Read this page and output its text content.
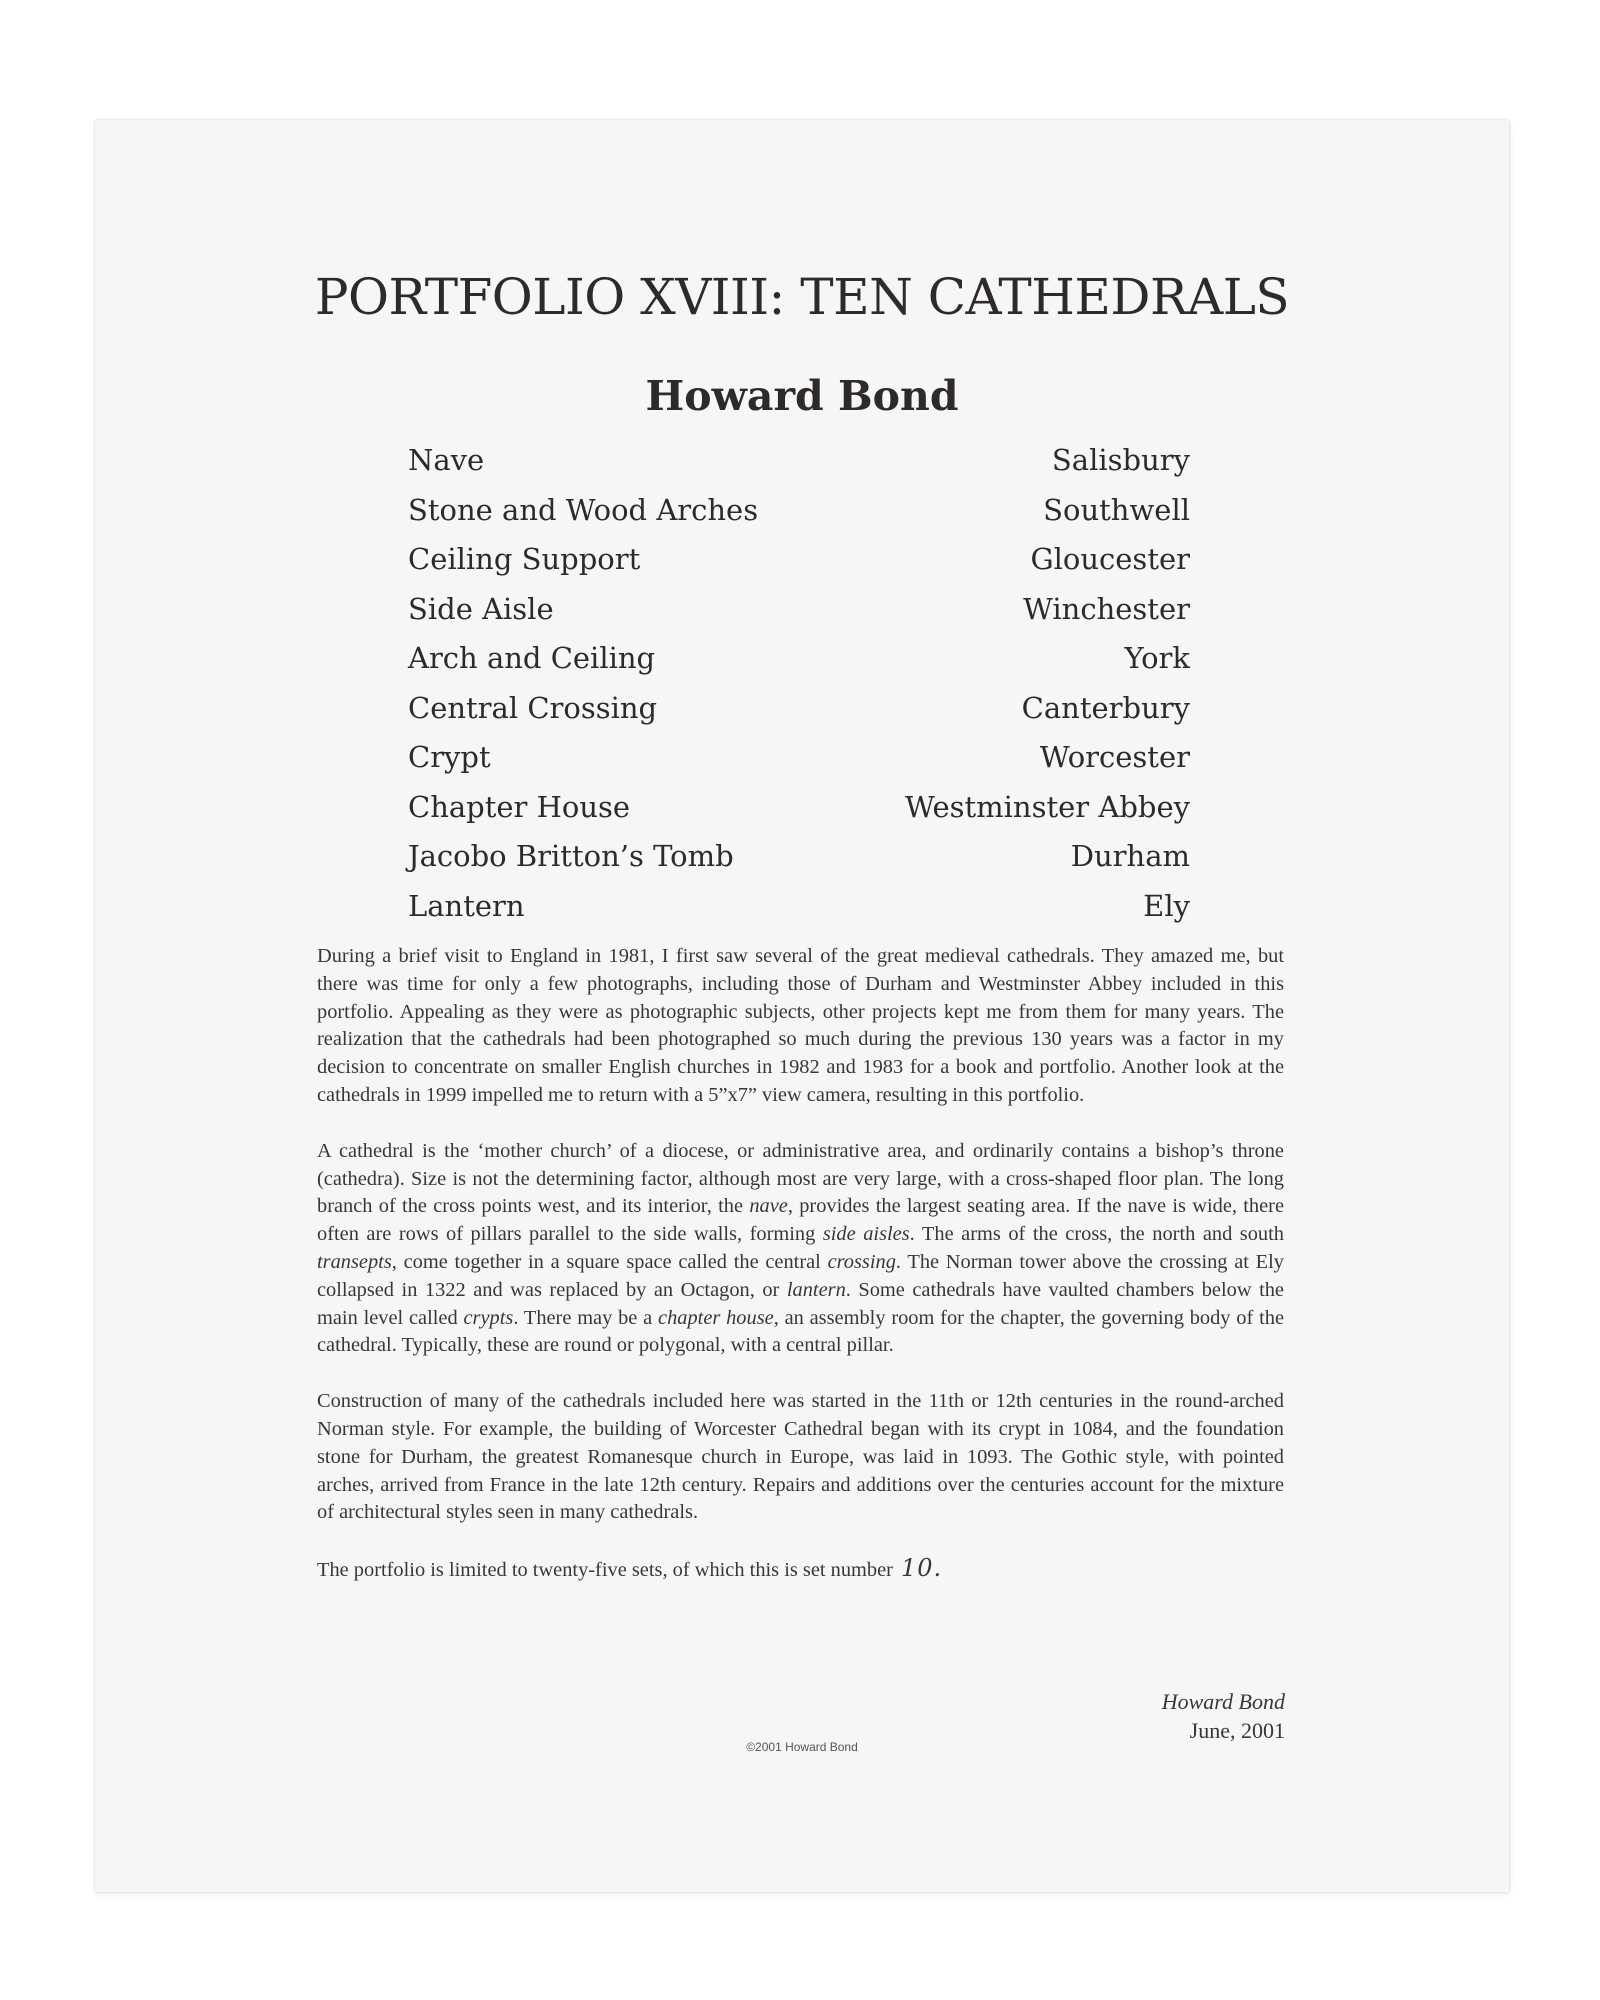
PORTFOLIO XVIII: TEN CATHEDRALS
Howard Bond
Nave	Salisbury
Stone and Wood Arches	Southwell
Ceiling Support	Gloucester
Side Aisle	Winchester
Arch and Ceiling	York
Central Crossing	Canterbury
Crypt	Worcester
Chapter House	Westminster Abbey
Jacobo Britton’s Tomb	Durham
Lantern	Ely

During a brief visit to England in 1981, I first saw several of the great medieval cathedrals. They amazed me, but there was time for only a few photographs, including those of Durham and Westminster Abbey included in this portfolio. Appealing as they were as photographic subjects, other projects kept me from them for many years. The realization that the cathedrals had been photographed so much during the previous 130 years was a factor in my decision to concentrate on smaller English churches in 1982 and 1983 for a book and portfolio. Another look at the cathedrals in 1999 impelled me to return with a 5”x7” view camera, resulting in this portfolio.

A cathedral is the ‘mother church’ of a diocese, or administrative area, and ordinarily contains a bishop’s throne (cathedra). Size is not the determining factor, although most are very large, with a cross-shaped floor plan. The long branch of the cross points west, and its interior, the nave, provides the largest seating area. If the nave is wide, there often are rows of pillars parallel to the side walls, forming side aisles. The arms of the cross, the north and south transepts, come together in a square space called the central crossing. The Norman tower above the crossing at Ely collapsed in 1322 and was replaced by an Octagon, or lantern. Some cathedrals have vaulted chambers below the main level called crypts. There may be a chapter house, an assembly room for the chapter, the governing body of the cathedral. Typically, these are round or polygonal, with a central pillar.

Construction of many of the cathedrals included here was started in the 11th or 12th centuries in the round-arched Norman style. For example, the building of Worcester Cathedral began with its crypt in 1084, and the foundation stone for Durham, the greatest Romanesque church in Europe, was laid in 1093. The Gothic style, with pointed arches, arrived from France in the late 12th century. Repairs and additions over the centuries account for the mixture of architectural styles seen in many cathedrals.

The portfolio is limited to twenty-five sets, of which this is set number 10.

Howard Bond
June, 2001
©2001 Howard Bond
